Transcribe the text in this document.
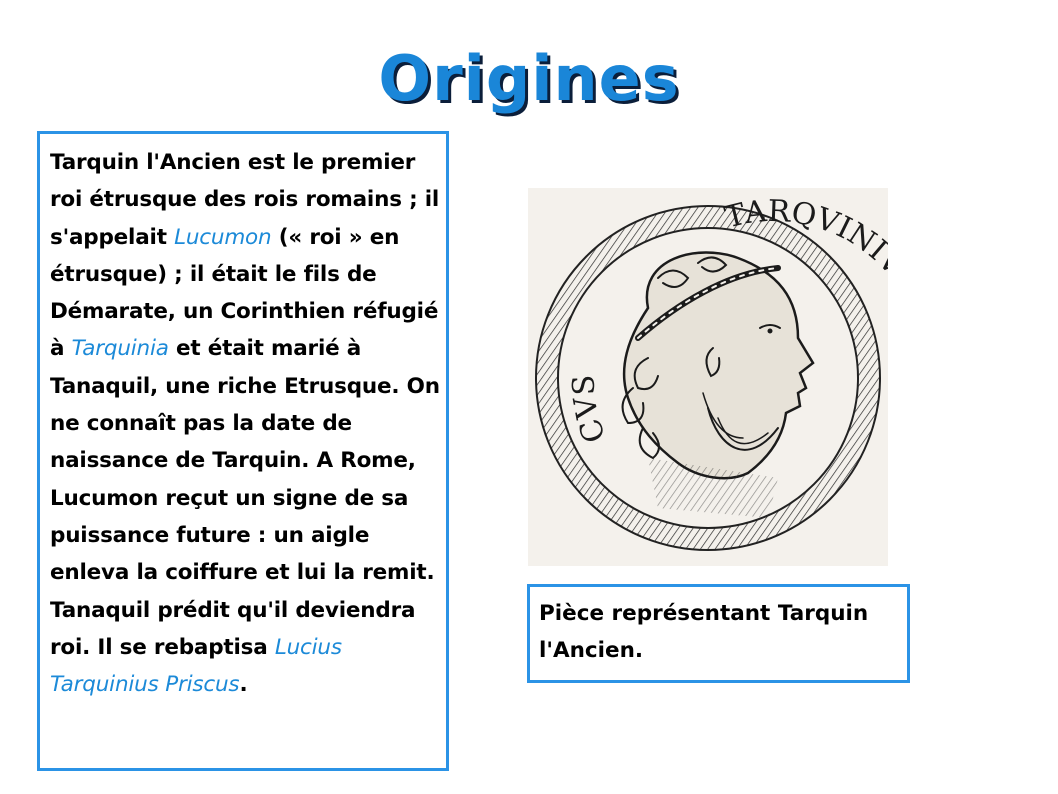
Origines

Tarquin l'Ancien est le premier roi étrusque des rois romains ; il s'appelait Lucumon (« roi » en étrusque) ; il était le fils de Démarate, un Corinthien réfugié à Tarquinia et était marié à Tanaquil, une riche Etrusque. On ne connaît pas la date de naissance de Tarquin. A Rome, Lucumon reçut un signe de sa puissance future : un aigle enleva la coiffure et lui la remit. Tanaquil prédit qu'il deviendra roi. Il se rebaptisa Lucius Tarquinius Priscus.

CVS
TARQVIN

Pièce représentant Tarquin l'Ancien.
